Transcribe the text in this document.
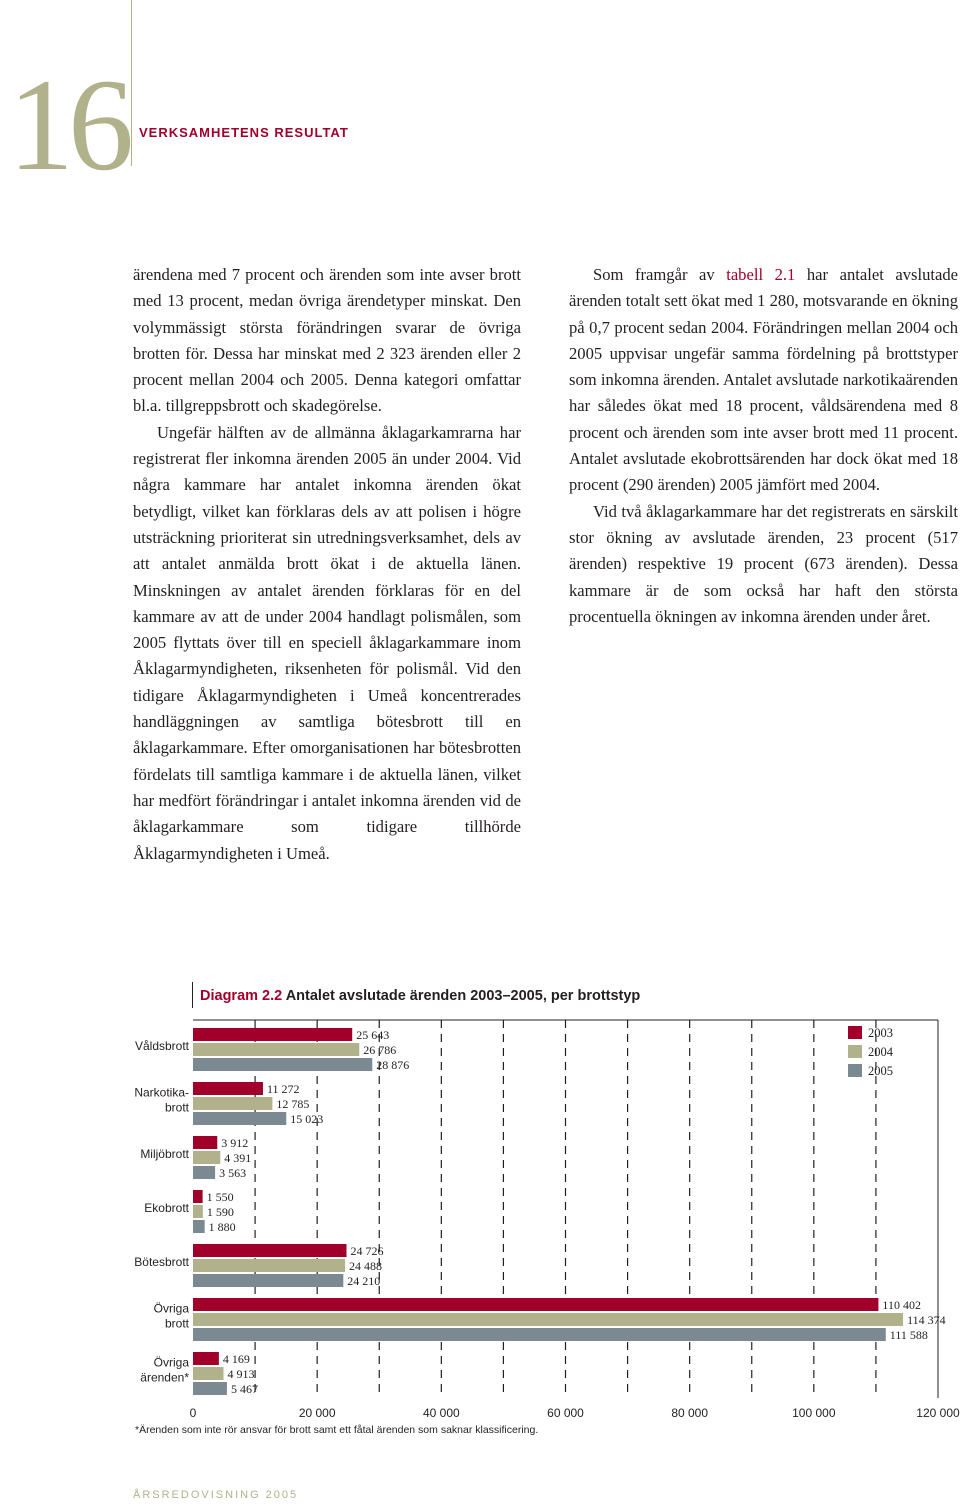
16 VERKSAMHETENS RESULTAT

ärendena med 7 procent och ärenden som inte avser brott med 13 procent, medan övriga ärendetyper minskat. Den volymmässigt största förändringen svarar de övriga brotten för. Dessa har minskat med 2 323 ärenden eller 2 procent mellan 2004 och 2005. Denna kategori omfattar bl.a. tillgreppsbrott och skadegörelse.

Ungefär hälften av de allmänna åklagarkamrarna har registrerat fler inkomna ärenden 2005 än under 2004. Vid några kammare har antalet inkomna ärenden ökat betydligt, vilket kan förklaras dels av att polisen i högre utsträckning prioriterat sin utredningsverksamhet, dels av att antalet anmälda brott ökat i de aktuella länen. Minskningen av antalet ärenden förklaras för en del kammare av att de under 2004 handlagt polismålen, som 2005 flyttats över till en speciell åklagarkammare inom Åklagarmyndigheten, riksenheten för polismål. Vid den tidigare Åklagarmyndigheten i Umeå koncentrerades handläggningen av samtliga bötesbrott till en åklagarkammare. Efter omorganisationen har bötesbrotten fördelats till samtliga kammare i de aktuella länen, vilket har medfört förändringar i antalet inkomna ärenden vid de åklagarkammare som tidigare tillhörde Åklagarmyndigheten i Umeå.

Som framgår av tabell 2.1 har antalet avslutade ärenden totalt sett ökat med 1 280, motsvarande en ökning på 0,7 procent sedan 2004. Förändringen mellan 2004 och 2005 uppvisar ungefär samma fördelning på brottstyper som inkomna ärenden. Antalet avslutade narkotikaärenden har således ökat med 18 procent, våldsärendena med 8 procent och ärenden som inte avser brott med 11 procent. Antalet avslutade ekobrottsärenden har dock ökat med 18 procent (290 ärenden) 2005 jämfört med 2004.

Vid två åklagarkammare har det registrerats en särskilt stor ökning av avslutade ärenden, 23 procent (517 ärenden) respektive 19 procent (673 ärenden). Dessa kammare är de som också har haft den största procentuella ökningen av inkomna ärenden under året.

Diagram 2.2 Antalet avslutade ärenden 2003–2005, per brottstyp
25 643
26 786
28 876
Våldsbrott
11 272
12 785
15 023
Narkotika-
brott
3 912
4 391
3 563
Miljöbrott
1 550
1 590
1 880
Ekobrott
24 726
24 488
24 210
Bötesbrott
110 402
114 374
111 588
Övriga
brott
4 169
4 913
5 467
Övriga
ärenden*
0	20 000	40 000	60 000	80 000	100 000	120 000
2003
2004
2005
*Ärenden som inte rör ansvar för brott samt ett fåtal ärenden som saknar klassificering.
ÅRSREDOVISNING 2005
